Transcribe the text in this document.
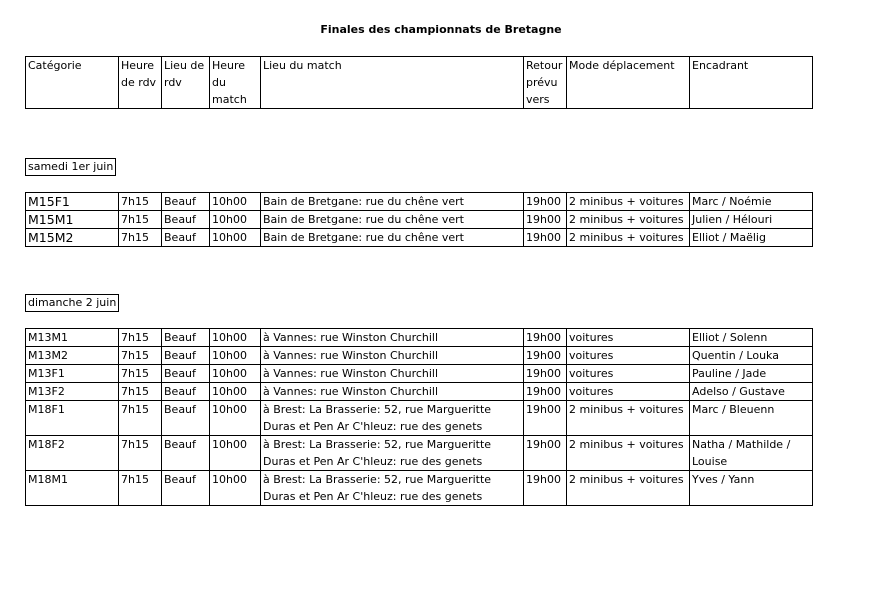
Finales des championnats de Bretagne
Catégorie	Heure de rdv	Lieu de rdv	Heure du match	Lieu du match	Retour prévu vers	Mode déplacement	Encadrant
samedi 1er juin
M15F1	7h15	Beauf	10h00	Bain de Bretgane: rue du chêne vert	19h00	2 minibus + voitures	Marc / Noémie
M15M1	7h15	Beauf	10h00	Bain de Bretgane: rue du chêne vert	19h00	2 minibus + voitures	Julien / Hélouri
M15M2	7h15	Beauf	10h00	Bain de Bretgane: rue du chêne vert	19h00	2 minibus + voitures	Elliot / Maëlig
dimanche 2 juin
M13M1	7h15	Beauf	10h00	à Vannes: rue Winston Churchill	19h00	voitures	Elliot / Solenn
M13M2	7h15	Beauf	10h00	à Vannes: rue Winston Churchill	19h00	voitures	Quentin / Louka
M13F1	7h15	Beauf	10h00	à Vannes: rue Winston Churchill	19h00	voitures	Pauline / Jade
M13F2	7h15	Beauf	10h00	à Vannes: rue Winston Churchill	19h00	voitures	Adelso / Gustave
M18F1	7h15	Beauf	10h00	à Brest: La Brasserie: 52, rue Margueritte Duras et Pen Ar C'hleuz: rue des genets	19h00	2 minibus + voitures	Marc / Bleuenn
M18F2	7h15	Beauf	10h00	à Brest: La Brasserie: 52, rue Margueritte Duras et Pen Ar C'hleuz: rue des genets	19h00	2 minibus + voitures	Natha / Mathilde / Louise
M18M1	7h15	Beauf	10h00	à Brest: La Brasserie: 52, rue Margueritte Duras et Pen Ar C'hleuz: rue des genets	19h00	2 minibus + voitures	Yves / Yann
